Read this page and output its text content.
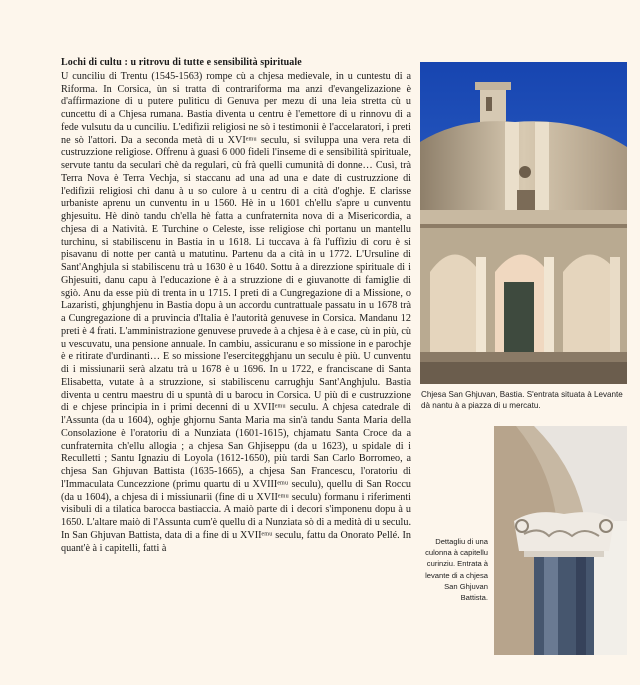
Lochi di cultu : u ritrovu di tutte e sensibilità spirituale

U cunciliu di Trentu (1545-1563) rompe cù a chjesa medievale, in u cuntestu di a Riforma. In Corsica, ùn si tratta di contrariforma ma anzi d'evangelizazione è d'affirmazione di u putere pulìticu di Genuva per mezu di una leia stretta cù u cuncettu di a Chjesa rumana. Bastia diventa u centru è l'emettore di u rinnovu di a fede vulsutu da u cunciliu. L'edifizii religiosi ne sò i testimonii è l'accelaratori, i preti ne sò l'attori. Da a seconda metà di u XVIᵉᵐᵘ seculu, si sviluppa una vera reta di custruzzione religiose. Offrenu à guasi 6 000 fideli l'inseme di e sensibilità spirituale, servute tantu da seculari chè da regulari, cù frà quelli cumunità di donne… Cusì, trà Terra Nova è Terra Vechja, si staccanu ad una ad una e date di custruzzione di l'edifizii religiosi chì danu à u so culore à u centru di a cità d'oghje. E clarisse urbaniste aprenu un cunventu in u 1560. Hè in u 1601 ch'ellu s'apre u cunventu ghjesuitu. Hè dinò tandu ch'ella hè fatta a cunfraternita nova di a Misericordia, a chjesa di a Natività. E Turchine o Celeste, isse religiose chì portanu un mantellu turchinu, si stabiliscenu in Bastia in u 1618. Li tuccava à fà l'uffiziu di coru è si pisavanu di notte per cantà u matutinu. Partenu da a cità in u 1772. L'Ursuline di Sant'Anghjula si stabiliscenu trà u 1630 è u 1640. Sottu à a direzzione spirituale di i Ghjesuiti, danu capu à l'educazione è à a struzzione di e giuvanotte di famiglie di sgiò. Anu da esse più di trenta in u 1715. I preti di a Cungregazione di a Missione, o Lazaristi, ghjunghjenu in Bastia dopu à un accordu cuntrattuale passatu in u 1678 trà a Cungregazione di a pruvincia d'Italia è l'autorità genuvese in Corsica. Mandanu 12 preti è 4 frati. L'amministrazione genuvese pruvede à a chjesa è à e case, cù in più, cù u vescuvatu, una pensione annuale. In cambiu, assicuranu e so missione in e parochje è e ritirate d'urdinanti… E so missione l'esercitegghjanu un seculu è più. U cunventu di i missiunarii serà alzatu trà u 1678 è u 1696. In u 1722, e franciscane di Santa Elisabetta, vutate à a struzzione, si stabiliscenu carrughju Sant'Anghjulu. Bastia diventa u centru maestru di u spuntà di u barocu in Corsica. U più di e custruzzione di e chjese principia in i primi decenni di u XVIIᵉᵐᵘ seculu. A chjesa catedrale di l'Assunta (da u 1604), oghje ghjornu Santa Maria ma sin'à tandu Santa Maria della Consolazione è l'oratoriu di a Nunziata (1601-1615), chjamatu Santa Croce da a cunfraternita ch'ellu allogia ; a chjesa San Ghjiseppu (da u 1623), u spidale di i Reculletti ; Santu Ignaziu di Loyola (1612-1650), più tardi San Carlo Borromeo, a chjesa San Ghjuvan Battista (1635-1665), a chjesa San Francescu, l'oratoriu di l'Immaculata Cuncezzione (primu quartu di u XVIIIᵉᵐᵘ seculu), quellu di San Roccu (da u 1604), a chjesa di i missiunarii (fine di u XVIIᵉᵐᵘ seculu) formanu i riferimenti visibuli di a tilatica barocca bastiaccia. A maiò parte di i decori s'imponenu dopu à u 1650. L'altare maiò di l'Assunta cum'è quellu di a Nunziata sò di a medità di u seculu. In San Ghjuvan Battista, data di a fine di u XVIIᵉᵐᵘ seculu, fattu da Onorato Pellé. In quant'è à i capitelli, fatti à

Chjesa San Ghjuvan, Bastia. S'entrata situata à Levante dà nantu à a piazza di u mercatu.
Dettagliu di una culonna à capitellu curinziu. Entrata à levante di a chjesa San Ghjuvan Battista.
